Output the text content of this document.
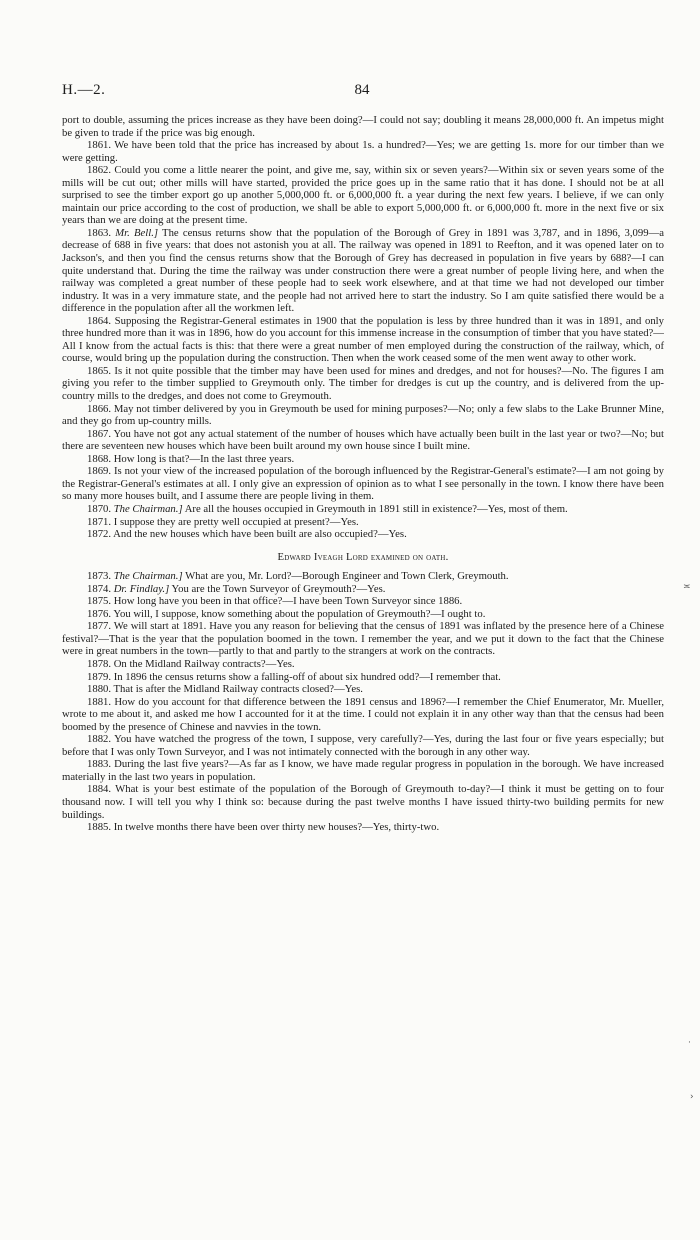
H.—2.	84

port to double, assuming the prices increase as they have been doing?—I could not say; doubling it means 28,000,000 ft. An impetus might be given to trade if the price was big enough.

1861. We have been told that the price has increased by about 1s. a hundred?—Yes; we are getting 1s. more for our timber than we were getting.

1862. Could you come a little nearer the point, and give me, say, within six or seven years?—Within six or seven years some of the mills will be cut out; other mills will have started, provided the price goes up in the same ratio that it has done. I should not be at all surprised to see the timber export go up another 5,000,000 ft. or 6,000,000 ft. a year during the next few years. I believe, if we can only maintain our price according to the cost of production, we shall be able to export 5,000,000 ft. or 6,000,000 ft. more in the next five or six years than we are doing at the present time.

1863. Mr. Bell.] The census returns show that the population of the Borough of Grey in 1891 was 3,787, and in 1896, 3,099—a decrease of 688 in five years: that does not astonish you at all. The railway was opened in 1891 to Reefton, and it was opened later on to Jackson's, and then you find the census returns show that the Borough of Grey has decreased in population in five years by 688?—I can quite understand that. During the time the railway was under construction there were a great number of people living here, and when the railway was completed a great number of these people had to seek work elsewhere, and at that time we had not developed our timber industry. It was in a very immature state, and the people had not arrived here to start the industry. So I am quite satisfied there would be a difference in the population after all the workmen left.

1864. Supposing the Registrar-General estimates in 1900 that the population is less by three hundred than it was in 1891, and only three hundred more than it was in 1896, how do you account for this immense increase in the consumption of timber that you have stated?—All I know from the actual facts is this: that there were a great number of men employed during the construction of the railway, which, of course, would bring up the population during the construction. Then when the work ceased some of the men went away to other work.

1865. Is it not quite possible that the timber may have been used for mines and dredges, and not for houses?—No. The figures I am giving you refer to the timber supplied to Greymouth only. The timber for dredges is cut up the country, and is delivered from the up-country mills to the dredges, and does not come to Greymouth.

1866. May not timber delivered by you in Greymouth be used for mining purposes?—No; only a few slabs to the Lake Brunner Mine, and they go from up-country mills.

1867. You have not got any actual statement of the number of houses which have actually been built in the last year or two?—No; but there are seventeen new houses which have been built around my own house since I built mine.

1868. How long is that?—In the last three years.

1869. Is not your view of the increased population of the borough influenced by the Registrar-General's estimate?—I am not going by the Registrar-General's estimates at all. I only give an expression of opinion as to what I see personally in the town. I know there have been so many more houses built, and I assume there are people living in them.

1870. The Chairman.] Are all the houses occupied in Greymouth in 1891 still in existence?—Yes, most of them.

1871. I suppose they are pretty well occupied at present?—Yes.

1872. And the new houses which have been built are also occupied?—Yes.

Edward Iveagh Lord examined on oath.

1873. The Chairman.] What are you, Mr. Lord?—Borough Engineer and Town Clerk, Greymouth.

1874. Dr. Findlay.] You are the Town Surveyor of Greymouth?—Yes.

1875. How long have you been in that office?—I have been Town Surveyor since 1886.

1876. You will, I suppose, know something about the population of Greymouth?—I ought to.

1877. We will start at 1891. Have you any reason for believing that the census of 1891 was inflated by the presence here of a Chinese festival?—That is the year that the population boomed in the town. I remember the year, and we put it down to the fact that the Chinese were in great numbers in the town—partly to that and partly to the strangers at work on the contracts.

1878. On the Midland Railway contracts?—Yes.

1879. In 1896 the census returns show a falling-off of about six hundred odd?—I remember that.

1880. That is after the Midland Railway contracts closed?—Yes.

1881. How do you account for that difference between the 1891 census and 1896?—I remember the Chief Enumerator, Mr. Mueller, wrote to me about it, and asked me how I accounted for it at the time. I could not explain it in any other way than that the census had been boomed by the presence of Chinese and navvies in the town.

1882. You have watched the progress of the town, I suppose, very carefully?—Yes, during the last four or five years especially; but before that I was only Town Surveyor, and I was not intimately connected with the borough in any other way.

1883. During the last five years?—As far as I know, we have made regular progress in population in the borough. We have increased materially in the last two years in population.

1884. What is your best estimate of the population of the Borough of Greymouth to-day?—I think it must be getting on to four thousand now. I will tell you why I think so: because during the past twelve months I have issued thirty-two building permits for new buildings.

1885. In twelve months there have been over thirty new houses?—Yes, thirty-two.

≍
·
›
